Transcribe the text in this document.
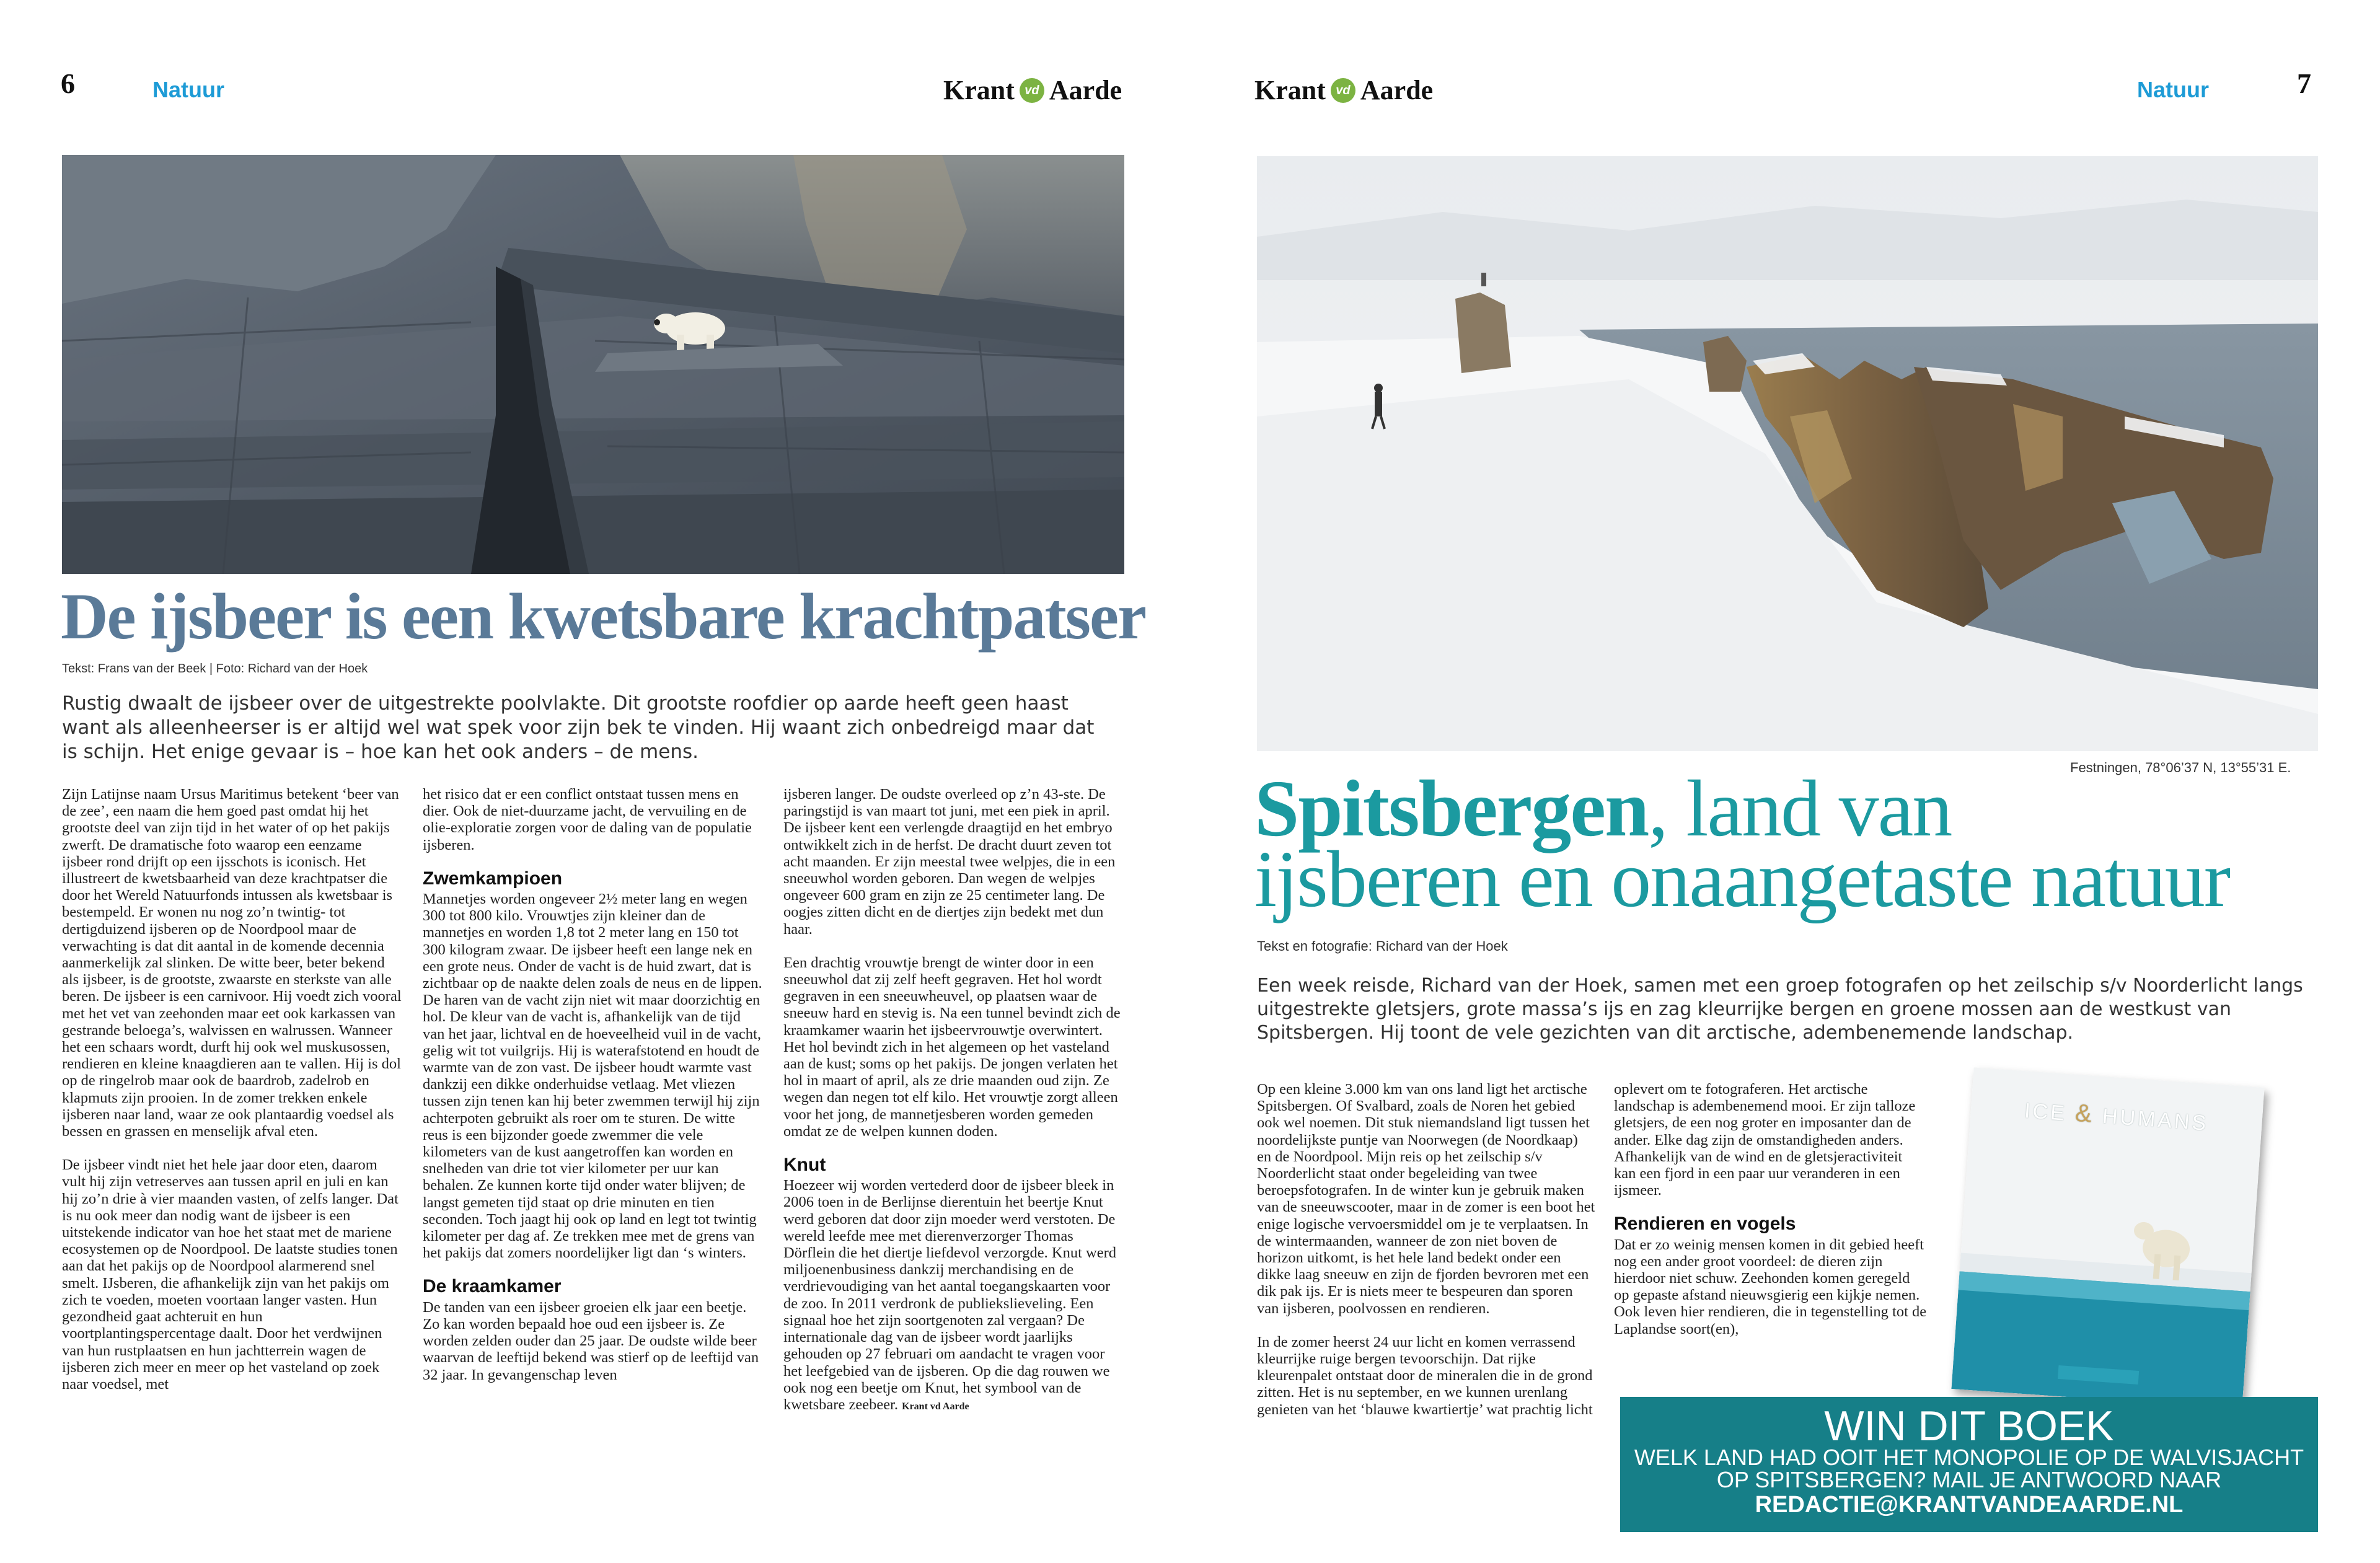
6	Natuur	Krant vd Aarde
De ijsbeer is een kwetsbare krachtpatser
Tekst: Frans van der Beek | Foto: Richard van der Hoek
Rustig dwaalt de ijsbeer over de uitgestrekte poolvlakte. Dit grootste roofdier op aarde heeft geen haast want als alleenheerser is er altijd wel wat spek voor zijn bek te vinden. Hij waant zich onbedreigd maar dat is schijn. Het enige gevaar is – hoe kan het ook anders – de mens.

Zijn Latijnse naam Ursus Maritimus betekent ‘beer van de zee’, een naam die hem goed past omdat hij het grootste deel van zijn tijd in het water of op het pakijs zwerft. De dramatische foto waarop een eenzame ijsbeer rond drijft op een ijsschots is iconisch. Het illustreert de kwetsbaarheid van deze krachtpatser die door het Wereld Natuurfonds intussen als kwetsbaar is bestempeld. Er wonen nu nog zo’n twintig- tot dertigduizend ijsberen op de Noordpool maar de verwachting is dat dit aantal in de komende decennia aanmerkelijk zal slinken. De witte beer, beter bekend als ijsbeer, is de grootste, zwaarste en sterkste van alle beren. De ijsbeer is een carnivoor. Hij voedt zich vooral met het vet van zeehonden maar eet ook karkassen van gestrande beloega’s, walvissen en walrussen. Wanneer het een schaars wordt, durft hij ook wel muskusossen, rendieren en kleine knaagdieren aan te vallen. Hij is dol op de ringelrob maar ook de baardrob, zadelrob en klapmuts zijn prooien. In de zomer trekken enkele ijsberen naar land, waar ze ook plantaardig voedsel als bessen en grassen en menselijk afval eten.

De ijsbeer vindt niet het hele jaar door eten, daarom vult hij zijn vetreserves aan tussen april en juli en kan hij zo’n drie à vier maanden vasten, of zelfs langer. Dat is nu ook meer dan nodig want de ijsbeer is een uitstekende indicator van hoe het staat met de mariene ecosystemen op de Noordpool. De laatste studies tonen aan dat het pakijs op de Noordpool alarmerend snel smelt. IJsberen, die afhankelijk zijn van het pakijs om zich te voeden, moeten voortaan langer vasten. Hun gezondheid gaat achteruit en hun voortplantingspercentage daalt. Door het verdwijnen van hun rustplaatsen en hun jachtterrein wagen de ijsberen zich meer en meer op het vasteland op zoek naar voedsel, met

het risico dat er een conflict ontstaat tussen mens en dier. Ook de niet-duurzame jacht, de vervuiling en de olie-exploratie zorgen voor de daling van de populatie ijsberen.

Zwemkampioen

Mannetjes worden ongeveer 2½ meter lang en wegen 300 tot 800 kilo. Vrouwtjes zijn kleiner dan de mannetjes en worden 1,8 tot 2 meter lang en 150 tot 300 kilogram zwaar. De ijsbeer heeft een lange nek en een grote neus. Onder de vacht is de huid zwart, dat is zichtbaar op de naakte delen zoals de neus en de lippen. De haren van de vacht zijn niet wit maar doorzichtig en hol. De kleur van de vacht is, afhankelijk van de tijd van het jaar, lichtval en de hoeveelheid vuil in de vacht, gelig wit tot vuilgrijs. Hij is waterafstotend en houdt de warmte van de zon vast. De ijsbeer houdt warmte vast dankzij een dikke onderhuidse vetlaag. Met vliezen tussen zijn tenen kan hij beter zwemmen terwijl hij zijn achterpoten gebruikt als roer om te sturen. De witte reus is een bijzonder goede zwemmer die vele kilometers van de kust aangetroffen kan worden en snelheden van drie tot vier kilometer per uur kan behalen. Ze kunnen korte tijd onder water blijven; de langst gemeten tijd staat op drie minuten en tien seconden. Toch jaagt hij ook op land en legt tot twintig kilometer per dag af. Ze trekken mee met de grens van het pakijs dat zomers noordelijker ligt dan ‘s winters.

De kraamkamer

De tanden van een ijsbeer groeien elk jaar een beetje. Zo kan worden bepaald hoe oud een ijsbeer is. Ze worden zelden ouder dan 25 jaar. De oudste wilde beer waarvan de leeftijd bekend was stierf op de leeftijd van 32 jaar. In gevangenschap leven

ijsberen langer. De oudste overleed op z’n 43-ste. De paringstijd is van maart tot juni, met een piek in april. De ijsbeer kent een verlengde draagtijd en het embryo ontwikkelt zich in de herfst. De dracht duurt zeven tot acht maanden. Er zijn meestal twee welpjes, die in een sneeuwhol worden geboren. Dan wegen de welpjes ongeveer 600 gram en zijn ze 25 centimeter lang. De oogjes zitten dicht en de diertjes zijn bedekt met dun haar.

Een drachtig vrouwtje brengt de winter door in een sneeuwhol dat zij zelf heeft gegraven. Het hol wordt gegraven in een sneeuwheuvel, op plaatsen waar de sneeuw hard en stevig is. Na een tunnel bevindt zich de kraamkamer waarin het ijsbeervrouwtje overwintert. Het hol bevindt zich in het algemeen op het vasteland aan de kust; soms op het pakijs. De jongen verlaten het hol in maart of april, als ze drie maanden oud zijn. Ze wegen dan negen tot elf kilo. Het vrouwtje zorgt alleen voor het jong, de mannetjesberen worden gemeden omdat ze de welpen kunnen doden.

Knut

Hoezeer wij worden vertederd door de ijsbeer bleek in 2006 toen in de Berlijnse dierentuin het beertje Knut werd geboren dat door zijn moeder werd verstoten. De wereld leefde mee met dierenverzorger Thomas Dörflein die het diertje liefdevol verzorgde. Knut werd miljoenenbusiness dankzij merchandising en de verdrievoudiging van het aantal toegangskaarten voor de zoo. In 2011 verdronk de publiekslieveling. Een signaal hoe het zijn soortgenoten zal vergaan? De internationale dag van de ijsbeer wordt jaarlijks gehouden op 27 februari om aandacht te vragen voor het leefgebied van de ijsberen. Op die dag rouwen we ook nog een beetje om Knut, het symbool van de kwetsbare zeebeer. Krant vd Aarde

Krant vd Aarde	Natuur	7
Festningen, 78°06’37 N, 13°55’31 E.
Spitsbergen, land van
ijsberen en onaangetaste natuur
Tekst en fotografie: Richard van der Hoek
Een week reisde, Richard van der Hoek, samen met een groep fotografen op het zeilschip s/v Noorderlicht langs uitgestrekte gletsjers, grote massa’s ijs en zag kleurrijke bergen en groene mossen aan de westkust van Spitsbergen. Hij toont de vele gezichten van dit arctische, adembenemende landschap.

Op een kleine 3.000 km van ons land ligt het arctische Spitsbergen. Of Svalbard, zoals de Noren het gebied ook wel noemen. Dit stuk niemandsland ligt tussen het noordelijkste puntje van Noorwegen (de Noordkaap) en de Noordpool. Mijn reis op het zeilschip s/v Noorderlicht staat onder begeleiding van twee beroepsfotografen. In de winter kun je gebruik maken van de sneeuwscooter, maar in de zomer is een boot het enige logische vervoersmiddel om je te verplaatsen. In de wintermaanden, wanneer de zon niet boven de horizon uitkomt, is het hele land bedekt onder een dikke laag sneeuw en zijn de fjorden bevroren met een dik pak ijs. Er is niets meer te bespeuren dan sporen van ijsberen, poolvossen en rendieren.

In de zomer heerst 24 uur licht en komen verrassend kleurrijke ruige bergen tevoorschijn. Dat rijke kleurenpalet ontstaat door de mineralen die in de grond zitten. Het is nu september, en we kunnen urenlang genieten van het ‘blauwe kwartiertje’ wat prachtig licht

oplevert om te fotograferen. Het arctische landschap is adembenemend mooi. Er zijn talloze gletsjers, de een nog groter en imposanter dan de ander. Elke dag zijn de omstandigheden anders. Afhankelijk van de wind en de gletsjeractiviteit kan een fjord in een paar uur veranderen in een ijsmeer.

Rendieren en vogels

Dat er zo weinig mensen komen in dit gebied heeft nog een ander groot voordeel: de dieren zijn hierdoor niet schuw. Zeehonden komen geregeld op gepaste afstand nieuwsgierig een kijkje nemen. Ook leven hier rendieren, die in tegenstelling tot de Laplandse soort(en),

ICE & HUMANS
WIN DIT BOEK
WELK LAND HAD OOIT HET MONOPOLIE OP DE WALVISJACHT
OP SPITSBERGEN? MAIL JE ANTWOORD NAAR
REDACTIE@KRANTVANDEAARDE.NL
